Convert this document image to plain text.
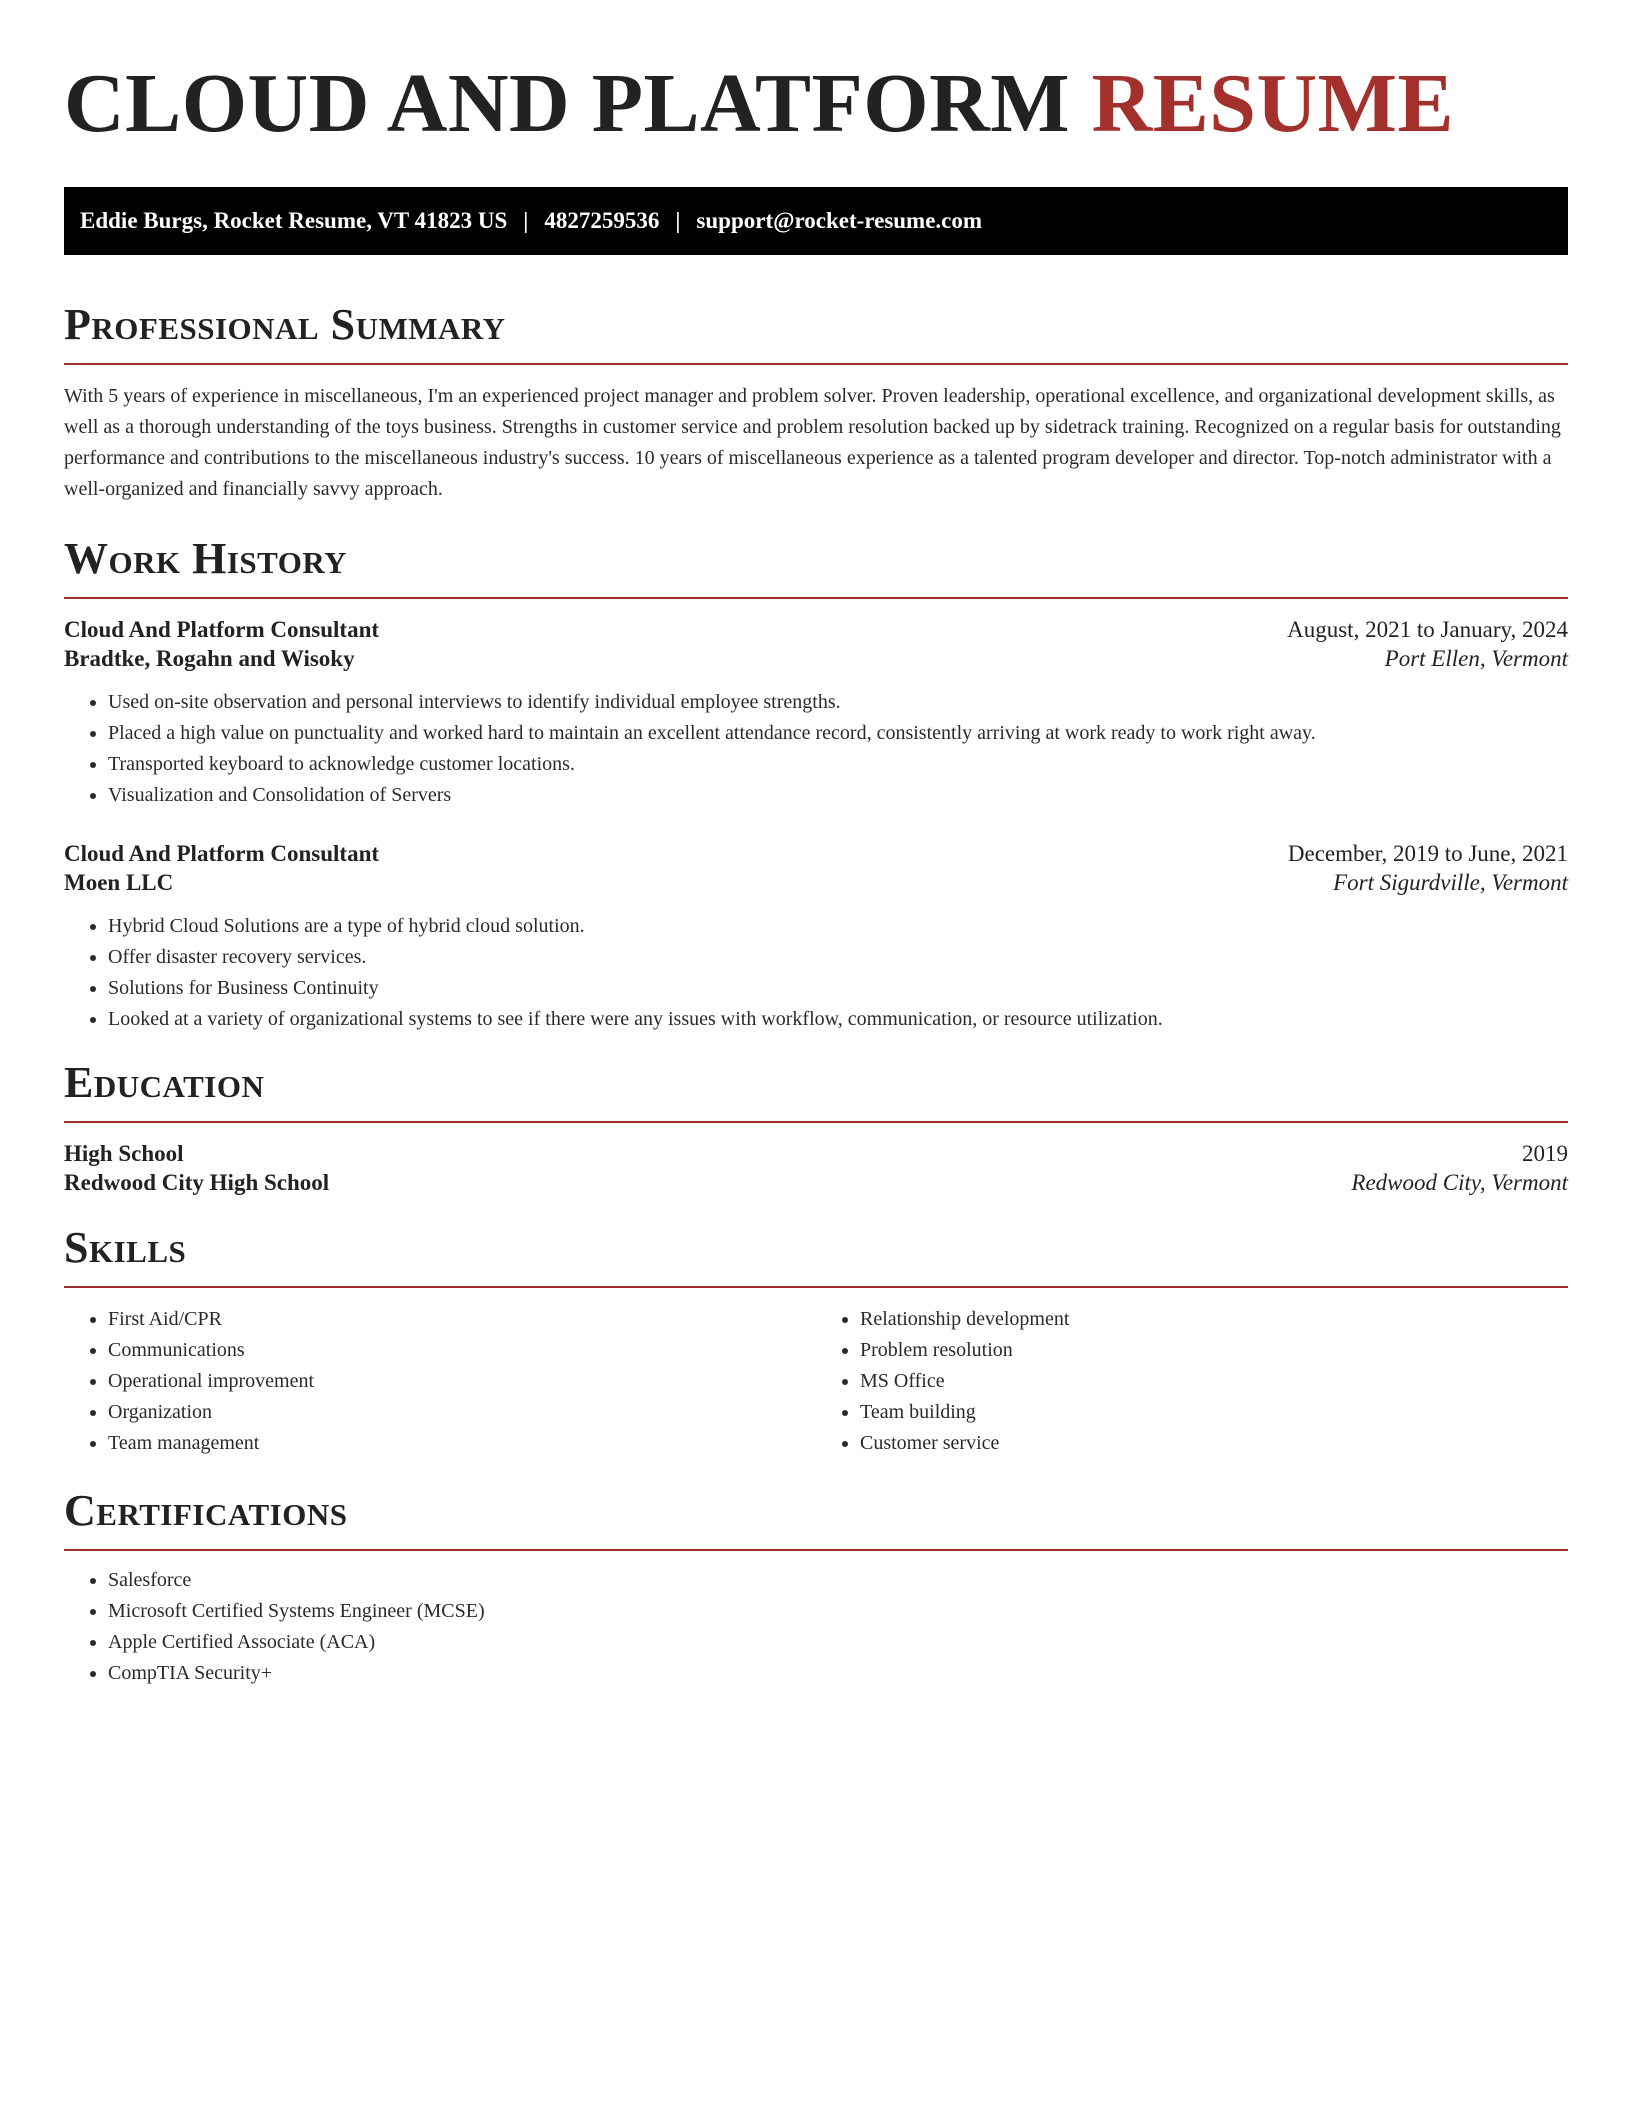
CLOUD AND PLATFORM RESUME
Eddie Burgs, Rocket Resume, VT 41823 US | 4827259536 | support@rocket-resume.com
Professional Summary

With 5 years of experience in miscellaneous, I'm an experienced project manager and problem solver. Proven leadership, operational excellence, and organizational development skills, as well as a thorough understanding of the toys business. Strengths in customer service and problem resolution backed up by sidetrack training. Recognized on a regular basis for outstanding performance and contributions to the miscellaneous industry's success. 10 years of miscellaneous experience as a talented program developer and director. Top-notch administrator with a well-organized and financially savvy approach.

Work History
Cloud And Platform Consultant	August, 2021 to January, 2024
Bradtke, Rogahn and Wisoky	Port Ellen, Vermont
• Used on-site observation and personal interviews to identify individual employee strengths.
• Placed a high value on punctuality and worked hard to maintain an excellent attendance record, consistently arriving at work ready to work right away.
• Transported keyboard to acknowledge customer locations.
• Visualization and Consolidation of Servers
Cloud And Platform Consultant	December, 2019 to June, 2021
Moen LLC	Fort Sigurdville, Vermont
• Hybrid Cloud Solutions are a type of hybrid cloud solution.
• Offer disaster recovery services.
• Solutions for Business Continuity
• Looked at a variety of organizational systems to see if there were any issues with workflow, communication, or resource utilization.
Education
High School	2019
Redwood City High School	Redwood City, Vermont
Skills
• First Aid/CPR
• Communications
• Operational improvement
• Organization
• Team management
• Relationship development
• Problem resolution
• MS Office
• Team building
• Customer service
Certifications
• Salesforce
• Microsoft Certified Systems Engineer (MCSE)
• Apple Certified Associate (ACA)
• CompTIA Security+
